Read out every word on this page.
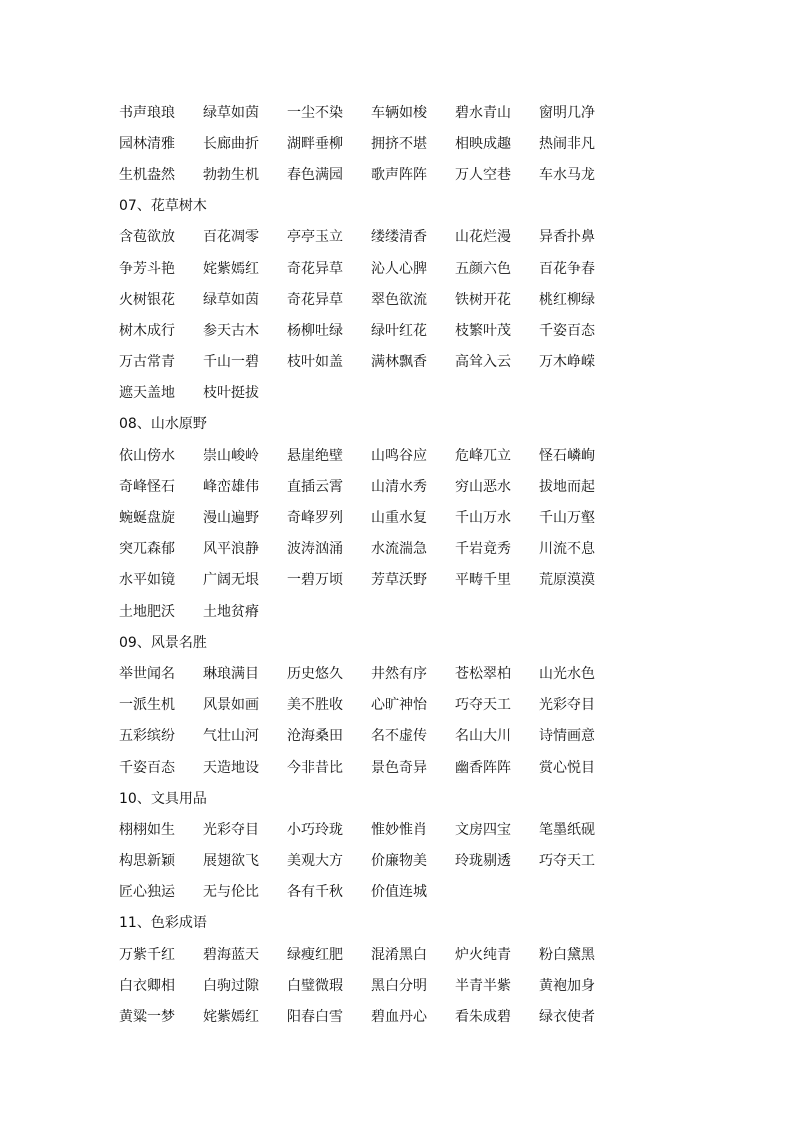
书声琅琅	绿草如茵	一尘不染	车辆如梭	碧水青山	窗明几净
园林清雅	长廊曲折	湖畔垂柳	拥挤不堪	相映成趣	热闹非凡
生机盎然	勃勃生机	春色满园	歌声阵阵	万人空巷	车水马龙
07、花草树木
含苞欲放	百花凋零	亭亭玉立	缕缕清香	山花烂漫	异香扑鼻
争芳斗艳	姹紫嫣红	奇花异草	沁人心脾	五颜六色	百花争春
火树银花	绿草如茵	奇花异草	翠色欲流	铁树开花	桃红柳绿
树木成行	参天古木	杨柳吐绿	绿叶红花	枝繁叶茂	千姿百态
万古常青	千山一碧	枝叶如盖	满林飘香	高耸入云	万木峥嵘
遮天盖地	枝叶挺拔
08、山水原野
依山傍水	崇山峻岭	悬崖绝壁	山鸣谷应	危峰兀立	怪石嶙峋
奇峰怪石	峰峦雄伟	直插云霄	山清水秀	穷山恶水	拔地而起
蜿蜒盘旋	漫山遍野	奇峰罗列	山重水复	千山万水	千山万壑
突兀森郁	风平浪静	波涛汹涌	水流湍急	千岩竟秀	川流不息
水平如镜	广阔无垠	一碧万顷	芳草沃野	平畴千里	荒原漠漠
土地肥沃	土地贫瘠
09、风景名胜
举世闻名	琳琅满目	历史悠久	井然有序	苍松翠柏	山光水色
一派生机	风景如画	美不胜收	心旷神怡	巧夺天工	光彩夺目
五彩缤纷	气壮山河	沧海桑田	名不虚传	名山大川	诗情画意
千姿百态	天造地设	今非昔比	景色奇异	幽香阵阵	赏心悦目
10、文具用品
栩栩如生	光彩夺目	小巧玲珑	惟妙惟肖	文房四宝	笔墨纸砚
构思新颖	展翅欲飞	美观大方	价廉物美	玲珑剔透	巧夺天工
匠心独运	无与伦比	各有千秋	价值连城
11、色彩成语
万紫千红	碧海蓝天	绿瘦红肥	混淆黑白	炉火纯青	粉白黛黑
白衣卿相	白驹过隙	白璧微瑕	黑白分明	半青半紫	黄袍加身
黄粱一梦	姹紫嫣红	阳春白雪	碧血丹心	看朱成碧	绿衣使者
